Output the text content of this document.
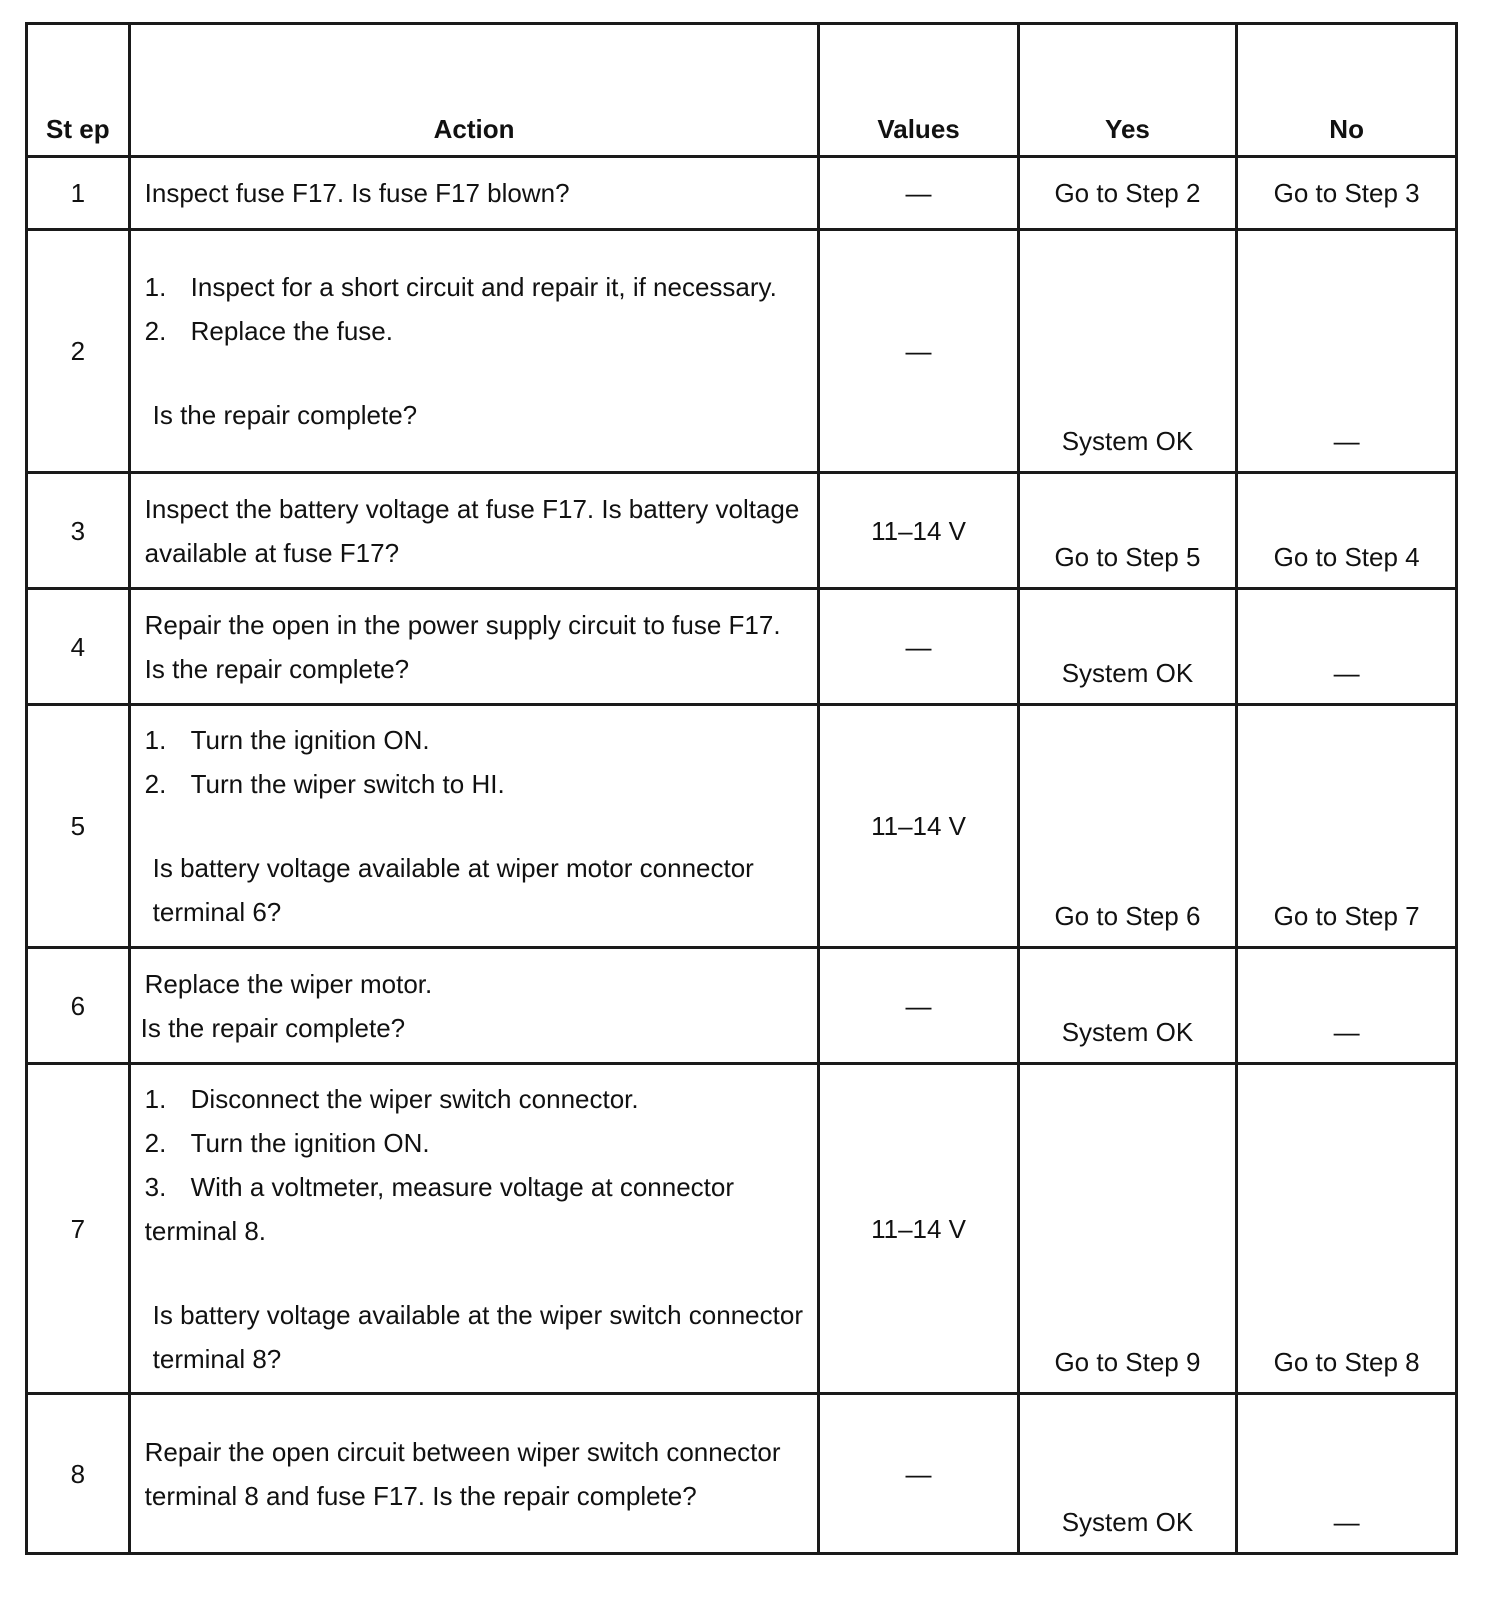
St ep	Action	Values	Yes	No
1	Inspect fuse F17. Is fuse F17 blown?	—	Go to Step 2	Go to Step 3
2	1. Inspect for a short circuit and repair it, if necessary.
2. Replace the fuse.
Is the repair complete?	—	System OK	—
3	Inspect the battery voltage at fuse F17. Is battery voltage available at fuse F17?	11–14 V	Go to Step 5	Go to Step 4
4	Repair the open in the power supply circuit to fuse F17. Is the repair complete?	—	System OK	—
5	1. Turn the ignition ON.
2. Turn the wiper switch to HI.
Is battery voltage available at wiper motor connector terminal 6?	11–14 V	Go to Step 6	Go to Step 7
6	Replace the wiper motor.
Is the repair complete?	—	System OK	—
7	1. Disconnect the wiper switch connector.
2. Turn the ignition ON.
3. With a voltmeter, measure voltage at connector terminal 8.
Is battery voltage available at the wiper switch connector terminal 8?	11–14 V	Go to Step 9	Go to Step 8
8	Repair the open circuit between wiper switch connector terminal 8 and fuse F17. Is the repair complete?	—	System OK	—
